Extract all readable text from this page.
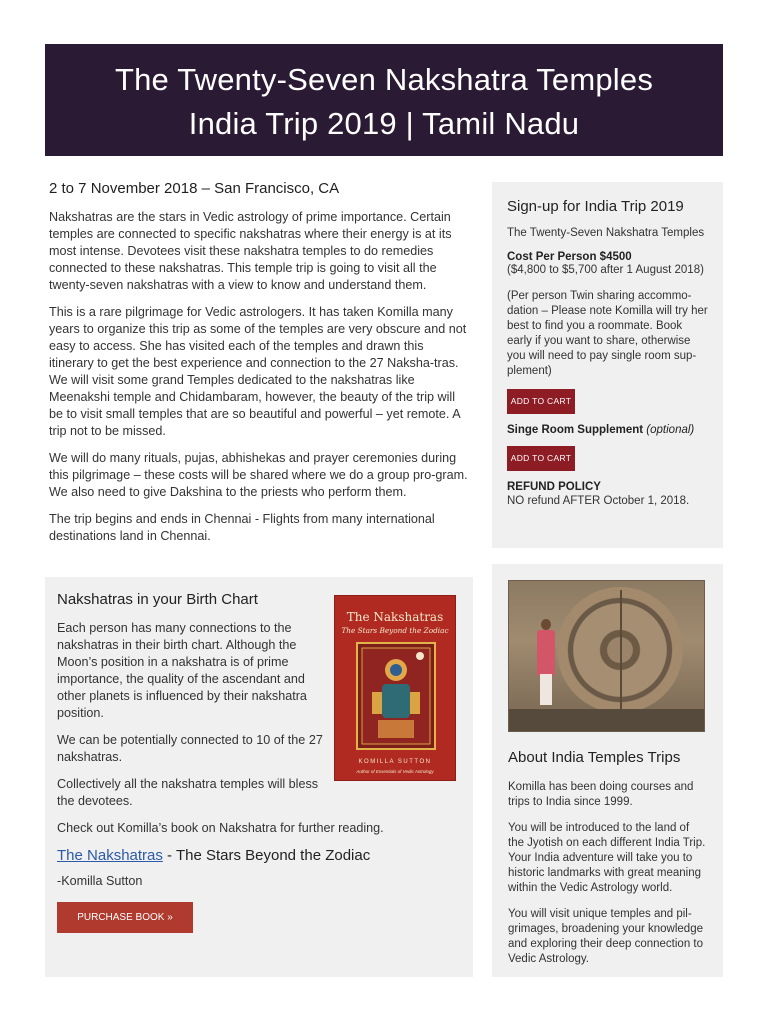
The Twenty-Seven Nakshatra Temples
India Trip 2019 | Tamil Nadu
2 to 7 November 2018 – San Francisco, CA

Nakshatras are the stars in Vedic astrology of prime importance. Certain temples are connected to specific nakshatras where their energy is at its most intense. Devotees visit these nakshatra temples to do remedies connected to these nakshatras. This temple trip is going to visit all the twenty-seven nakshatras with a view to know and understand them.

This is a rare pilgrimage for Vedic astrologers. It has taken Komilla many years to organize this trip as some of the temples are very obscure and not easy to access. She has visited each of the temples and drawn this itinerary to get the best experience and connection to the 27 Naksha-tras. We will visit some grand Temples dedicated to the nakshatras like Meenakshi temple and Chidambaram, however, the beauty of the trip will be to visit small temples that are so beautiful and powerful – yet remote. A trip not to be missed.

We will do many rituals, pujas, abhishekas and prayer ceremonies during this pilgrimage – these costs will be shared where we do a group pro-gram. We also need to give Dakshina to the priests who perform them.

The trip begins and ends in Chennai - Flights from many international destinations land in Chennai.

Sign-up for India Trip 2019
The Twenty-Seven Nakshatra Temples
Cost Per Person $4500
($4,800 to $5,700 after 1 August 2018)
(Per person Twin sharing accommo-dation – Please note Komilla will try her best to find you a roommate. Book early if you want to share, otherwise you will need to pay single room sup-plement)
ADD TO CART
Singe Room Supplement (optional)
ADD TO CART
REFUND POLICY
NO refund AFTER October 1, 2018.
Nakshatras in your Birth Chart

Each person has many connections to the nakshatras in their birth chart. Although the Moon’s position in a nakshatra is of prime importance, the quality of the ascendant and other planets is influenced by their nakshatra position.

We can be potentially connected to 10 of the 27 nakshatras.

Collectively all the nakshatra temples will bless the devotees.

Check out Komilla’s book on Nakshatra for further reading.

The Nakshatras - The Stars Beyond the Zodiac
-Komilla Sutton
PURCHASE BOOK »
The Nakshatras
The Stars Beyond the Zodiac
KOMILLA SUTTON
Author of Essentials of Vedic Astrology
About India Temples Trips

Komilla has been doing courses and trips to India since 1999.

You will be introduced to the land of the Jyotish on each different India Trip. Your India adventure will take you to historic landmarks with great meaning within the Vedic Astrology world.

You will visit unique temples and pil-grimages, broadening your knowledge and exploring their deep connection to Vedic Astrology.
